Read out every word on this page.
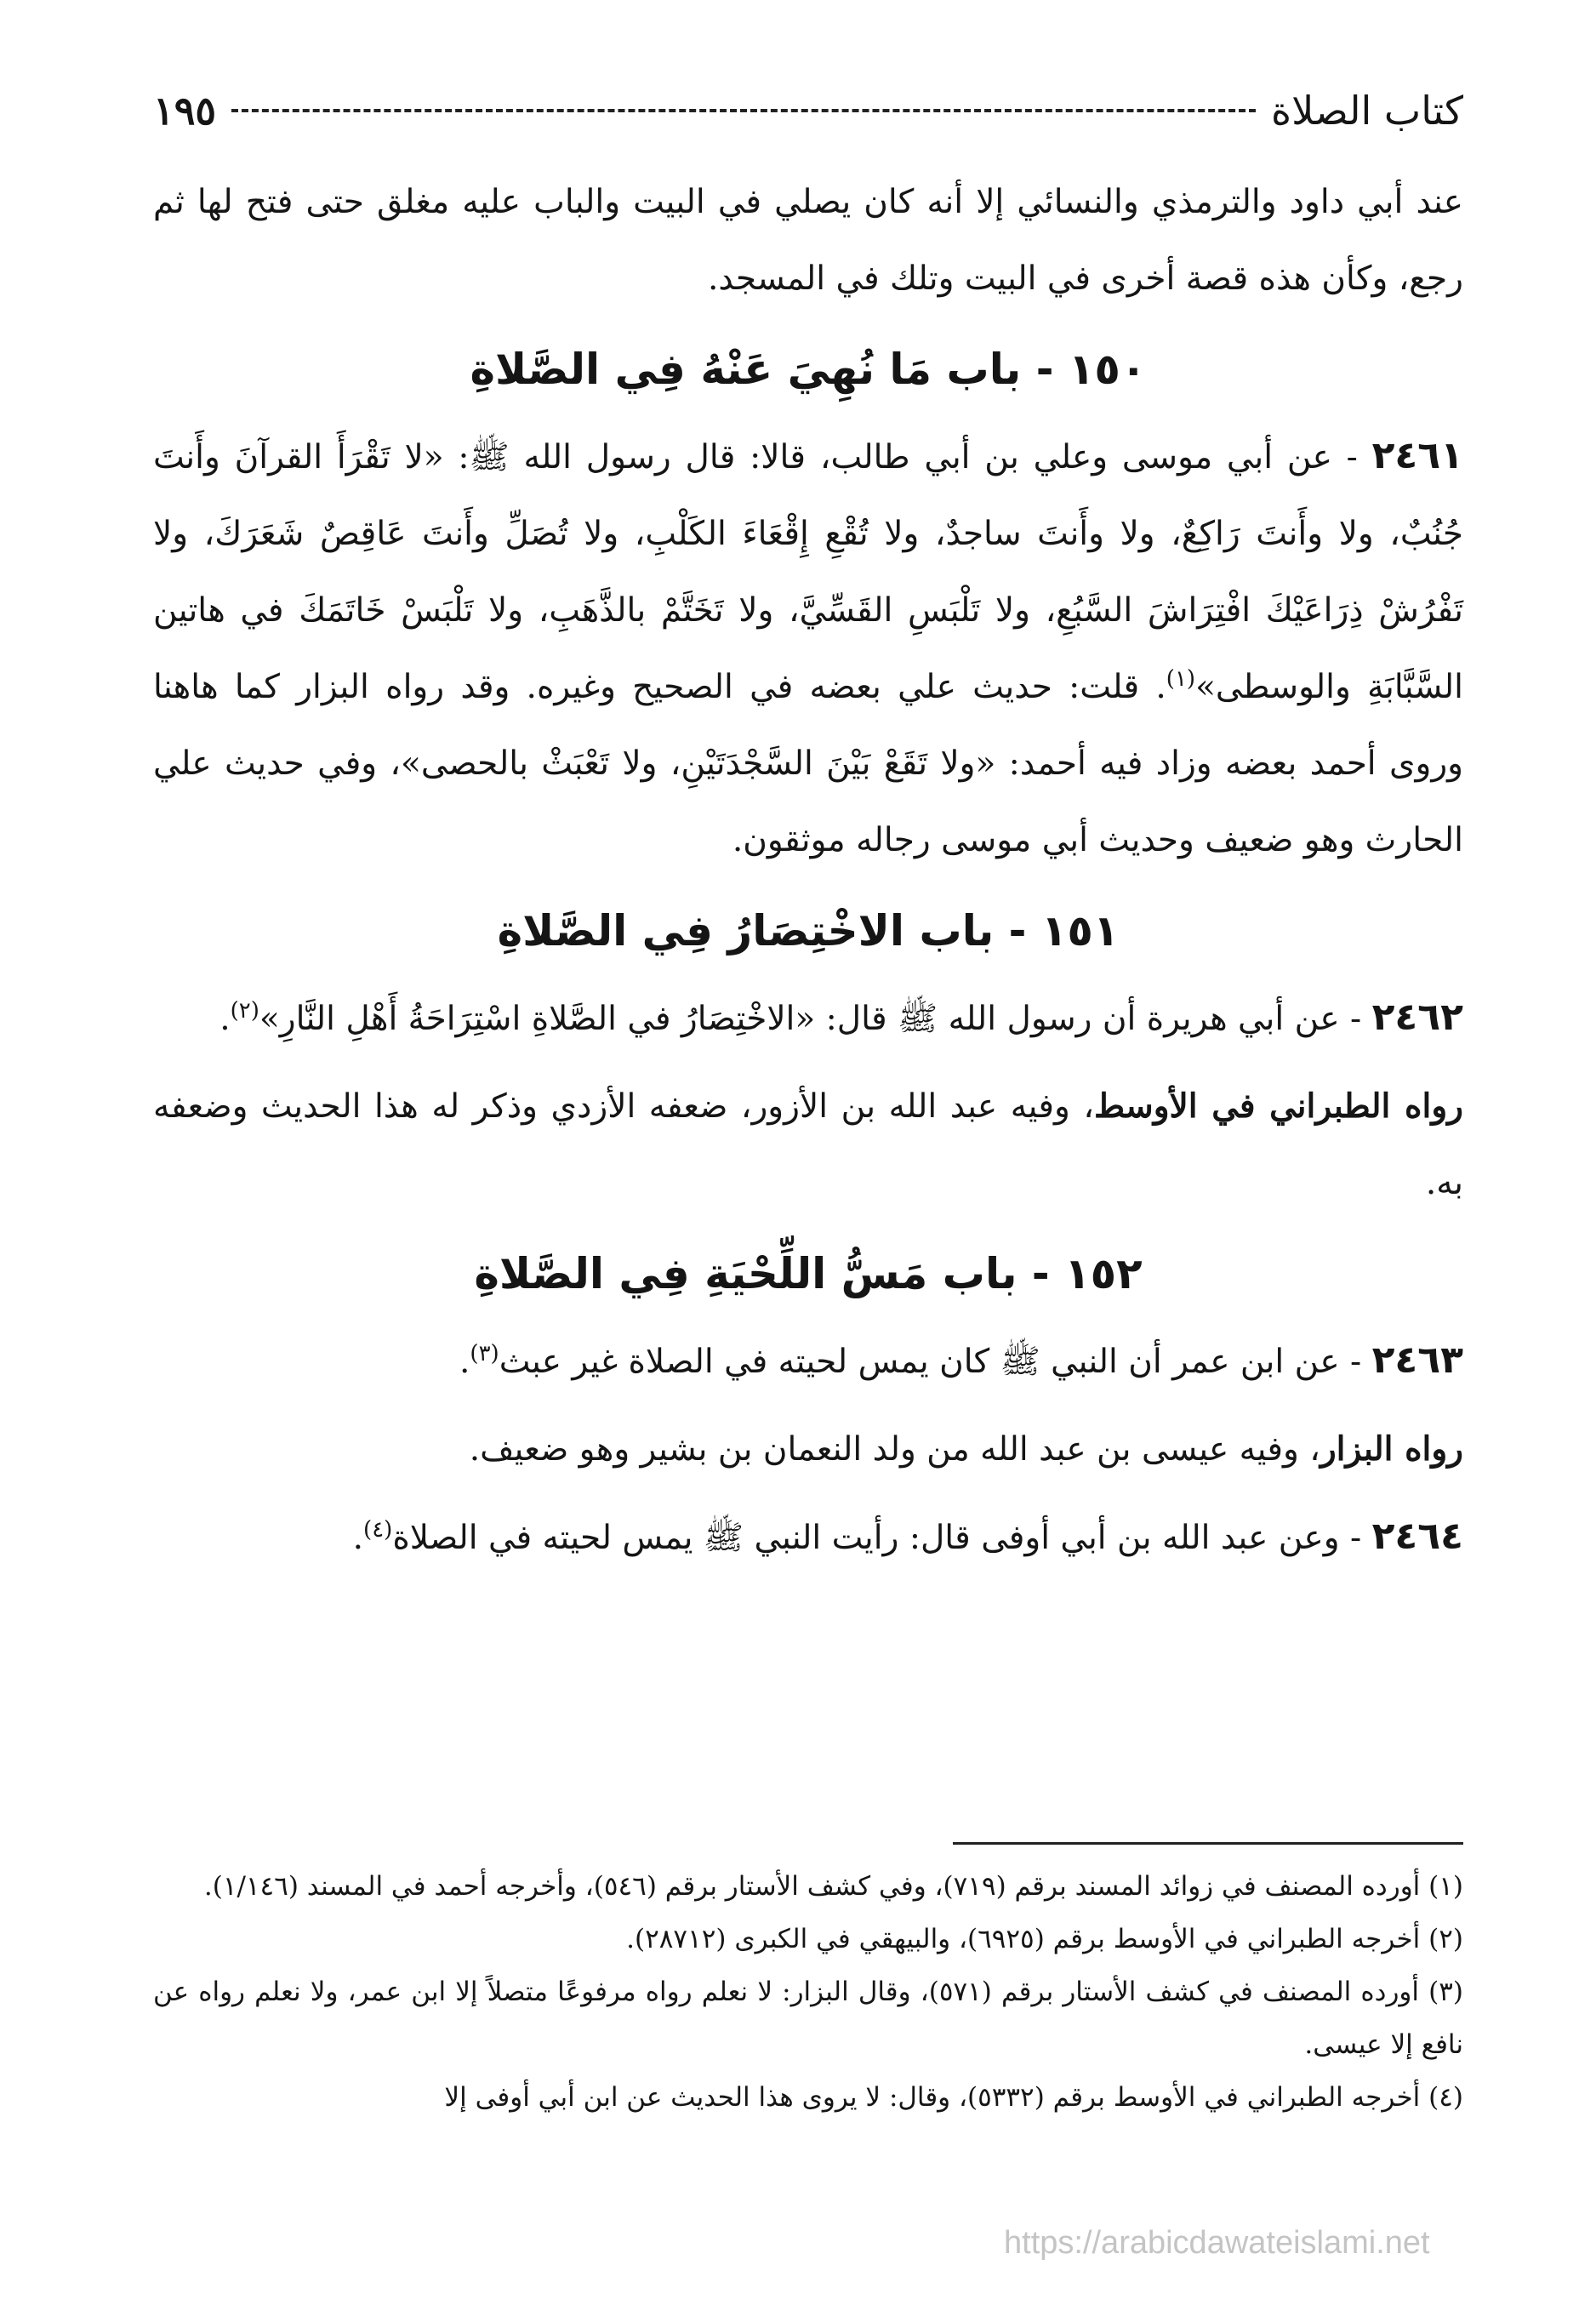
كتاب الصلاة
١٩٥

عند أبي داود والترمذي والنسائي إلا أنه كان يصلي في البيت والباب عليه مغلق حتى فتح لها ثم رجع، وكأن هذه قصة أخرى في البيت وتلك في المسجد.

١٥٠ - باب مَا نُهِيَ عَنْهُ فِي الصَّلاةِ

٢٤٦١ - عن أبي موسى وعلي بن أبي طالب، قالا: قال رسول الله ﷺ: «لا تَقْرَأَ القرآنَ وأَنتَ جُنُبٌ، ولا وأَنتَ رَاكِعٌ، ولا وأَنتَ ساجدٌ، ولا تُقْعِ إِقْعَاءَ الكَلْبِ، ولا تُصَلِّ وأَنتَ عَاقِصٌ شَعَرَكَ، ولا تَفْرُشْ ذِرَاعَيْكَ افْتِرَاشَ السَّبُعِ، ولا تَلْبَسِ القَسِّيَّ، ولا تَخَتَّمْ بالذَّهَبِ، ولا تَلْبَسْ خَاتَمَكَ في هاتين السَّبَّابَةِ والوسطى»$^{(١)}$. قلت: حديث علي بعضه في الصحيح وغيره. وقد رواه البزار كما هاهنا وروى أحمد بعضه وزاد فيه أحمد: «ولا تَقَعْ بَيْنَ السَّجْدَتَيْنِ، ولا تَعْبَثْ بالحصى»، وفي حديث علي الحارث وهو ضعيف وحديث أبي موسى رجاله موثقون.

١٥١ - باب الاخْتِصَارُ فِي الصَّلاةِ

٢٤٦٢ - عن أبي هريرة أن رسول الله ﷺ قال: «الاخْتِصَارُ في الصَّلاةِ اسْتِرَاحَةُ أَهْلِ النَّارِ»$^{(٢)}$.

رواه الطبراني في الأوسط، وفيه عبد الله بن الأزور، ضعفه الأزدي وذكر له هذا الحديث وضعفه به.

١٥٢ - باب مَسُّ اللِّحْيَةِ فِي الصَّلاةِ

٢٤٦٣ - عن ابن عمر أن النبي ﷺ كان يمس لحيته في الصلاة غير عبث$^{(٣)}$.

رواه البزار، وفيه عيسى بن عبد الله من ولد النعمان بن بشير وهو ضعيف.

٢٤٦٤ - وعن عبد الله بن أبي أوفى قال: رأيت النبي ﷺ يمس لحيته في الصلاة$^{(٤)}$.

(١) أورده المصنف في زوائد المسند برقم (٧١٩)، وفي كشف الأستار برقم (٥٤٦)، وأخرجه أحمد في المسند (١/١٤٦).

(٢) أخرجه الطبراني في الأوسط برقم (٦٩٢٥)، والبيهقي في الكبرى (٢٨٧١٢).

(٣) أورده المصنف في كشف الأستار برقم (٥٧١)، وقال البزار: لا نعلم رواه مرفوعًا متصلاً إلا ابن عمر، ولا نعلم رواه عن نافع إلا عيسى.

(٤) أخرجه الطبراني في الأوسط برقم (٥٣٣٢)، وقال: لا يروى هذا الحديث عن ابن أبي أوفى إلا

https://arabicdawateislami.net
